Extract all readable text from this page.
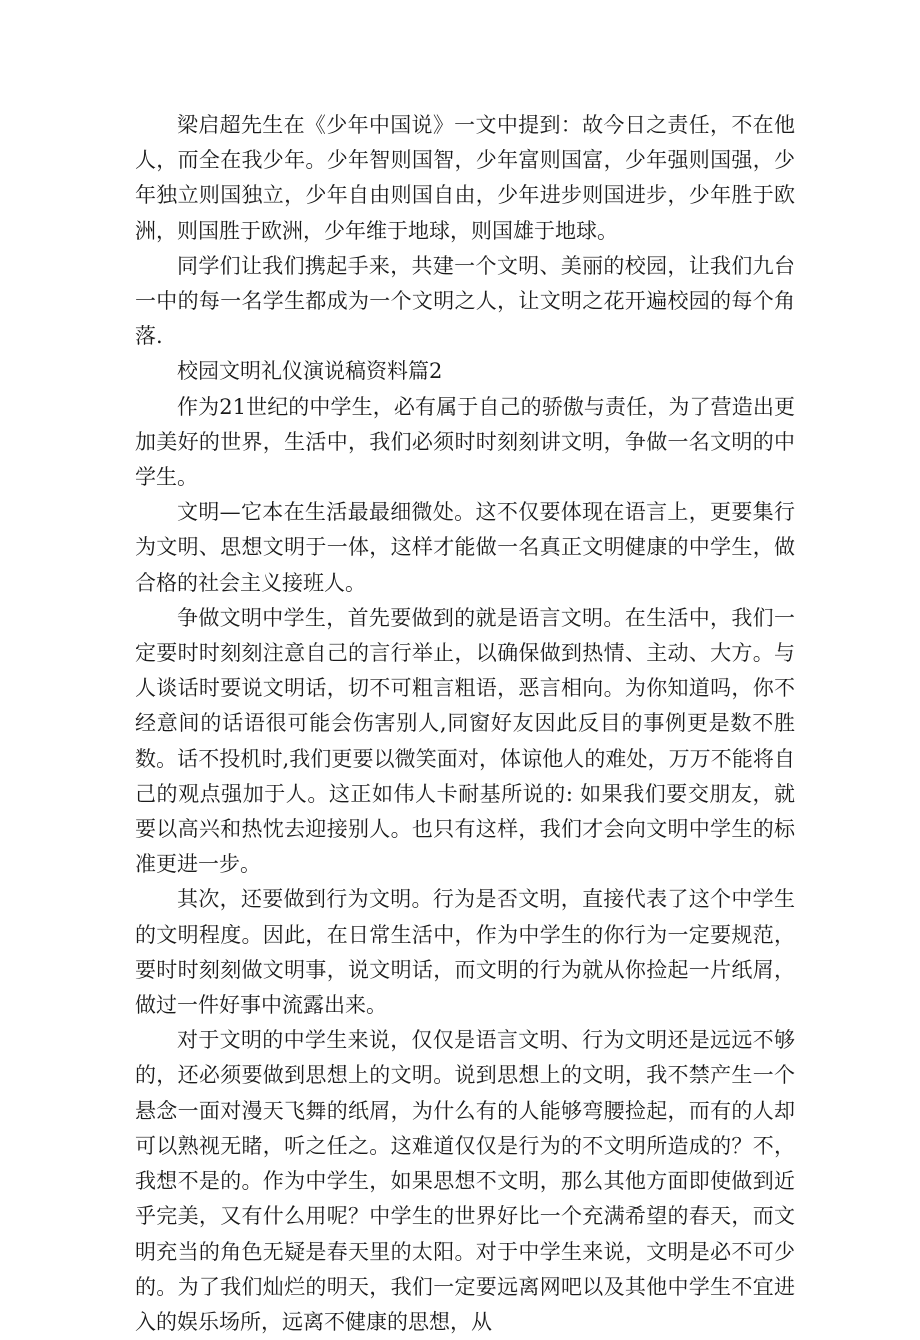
梁启超先生在《少年中国说》一文中提到：故今日之责任，不在他人，而全在我少年。少年智则国智，少年富则国富，少年强则国强，少年独立则国独立，少年自由则国自由，少年进步则国进步，少年胜于欧洲，则国胜于欧洲，少年维于地球，则国雄于地球。

同学们让我们携起手来，共建一个文明、美丽的校园，让我们九台一中的每一名学生都成为一个文明之人，让文明之花开遍校园的每个角落.

校园文明礼仪演说稿资料篇2

作为21世纪的中学生，必有属于自己的骄傲与责任，为了营造出更加美好的世界，生活中，我们必须时时刻刻讲文明，争做一名文明的中学生。

文明—它本在生活最最细微处。这不仅要体现在语言上，更要集行为文明、思想文明于一体，这样才能做一名真正文明健康的中学生，做合格的社会主义接班人。

争做文明中学生，首先要做到的就是语言文明。在生活中，我们一定要时时刻刻注意自己的言行举止，以确保做到热情、主动、大方。与人谈话时要说文明话，切不可粗言粗语，恶言相向。为你知道吗，你不经意间的话语很可能会伤害别人,同窗好友因此反目的事例更是数不胜数。话不投机时,我们更要以微笑面对，体谅他人的难处，万万不能将自己的观点强加于人。这正如伟人卡耐基所说的: 如果我们要交朋友，就要以高兴和热忱去迎接别人。也只有这样，我们才会向文明中学生的标准更进一步。

其次，还要做到行为文明。行为是否文明，直接代表了这个中学生的文明程度。因此，在日常生活中，作为中学生的你行为一定要规范，要时时刻刻做文明事，说文明话，而文明的行为就从你捡起一片纸屑，做过一件好事中流露出来。

对于文明的中学生来说，仅仅是语言文明、行为文明还是远远不够的，还必须要做到思想上的文明。说到思想上的文明，我不禁产生一个悬念一面对漫天飞舞的纸屑，为什么有的人能够弯腰捡起，而有的人却可以熟视无睹，听之任之。这难道仅仅是行为的不文明所造成的？不，我想不是的。作为中学生，如果思想不文明，那么其他方面即使做到近乎完美，又有什么用呢？中学生的世界好比一个充满希望的春天，而文明充当的角色无疑是春天里的太阳。对于中学生来说，文明是必不可少的。为了我们灿烂的明天，我们一定要远离网吧以及其他中学生不宜进入的娱乐场所，远离不健康的思想，从
